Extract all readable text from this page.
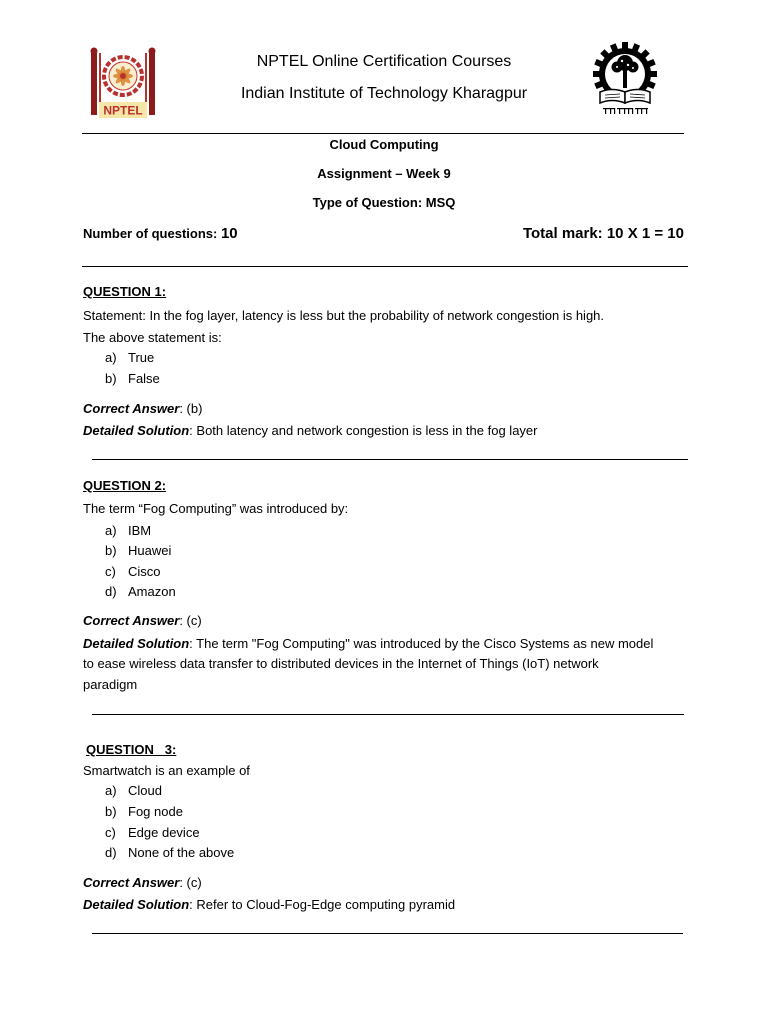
NPTEL
NPTEL Online Certification Courses
Indian Institute of Technology Kharagpur
Cloud Computing
Assignment – Week 9
Type of Question: MSQ
Number of questions: 10	Total mark: 10 X 1 = 10
QUESTION 1:
Statement: In the fog layer, latency is less but the probability of network congestion is high.
The above statement is:
a) True
b) False
Correct Answer: (b)
Detailed Solution: Both latency and network congestion is less in the fog layer
QUESTION 2:
The term “Fog Computing” was introduced by:
a) IBM
b) Huawei
c) Cisco
d) Amazon
Correct Answer: (c)
Detailed Solution: The term "Fog Computing" was introduced by the Cisco Systems as new model
to ease wireless data transfer to distributed devices in the Internet of Things (IoT) network
paradigm
QUESTION   3:
Smartwatch is an example of
a) Cloud
b) Fog node
c) Edge device
d) None of the above
Correct Answer: (c)
Detailed Solution: Refer to Cloud-Fog-Edge computing pyramid
